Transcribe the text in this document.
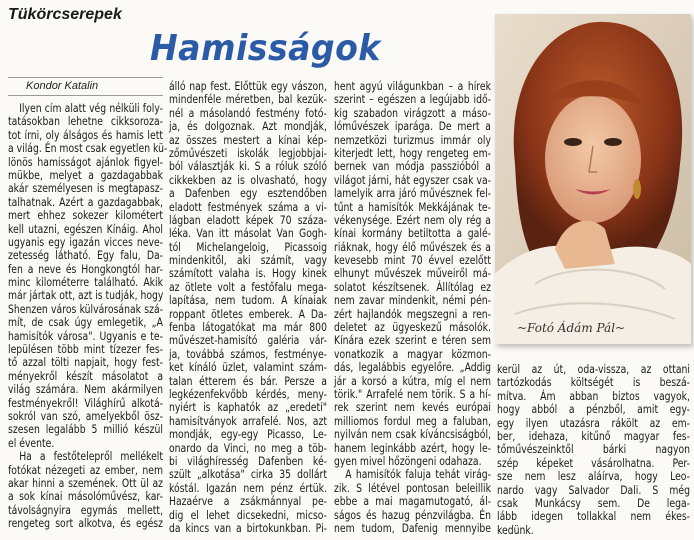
Tükörcserepek
Hamisságok
Kondor Katalin
Ilyen cím alatt vég nélküli foly-
tatásokban lehetne cikksoroza-
tot írni, oly álságos és hamis lett
a világ. Én most csak egyetlen kü-
lönös hamisságot ajánlok figyel-
mükbe, melyet a gazdagabbak
akár személyesen is megtapasz-
talhatnak. Azért a gazdagabbak,
mert ehhez sokezer kilométert
kell utazni, egészen Kínáig. Ahol
ugyanis egy igazán vicces neve-
zetesség látható. Egy falu, Da-
fen a neve és Hongkongtól har-
minc kilométerre található. Akik
már jártak ott, azt is tudják, hogy
Shenzen város külvárosának szá-
mít, de csak úgy emlegetik, „A
hamisítók városa". Ugyanis e te-
lepülésen több mint tízezer fes-
tő azzal tölti napjait, hogy fest-
ményekről készít másolatot a
világ számára. Nem akármilyen
festményekről! Világhírű alkotá-
sokról van szó, amelyekből ösz-
szesen legalább 5 millió készül
el évente.
Ha a festőtelepről mellékelt
fotókat nézegeti az ember, nem
akar hinni a szemének. Ott ül az
a sok kínai másolóművész, kar-
távolságnyira egymás mellett,
rengeteg sort alkotva, és egész
álló nap fest. Előttük egy vászon,
mindenféle méretben, bal kezük-
nél a másolandó festmény fotó-
ja, és dolgoznak. Azt mondják,
az összes mestert a kínai kép-
zőművészeti iskolák legjobbjai-
ból választják ki. S a róluk szóló
cikkekben az is olvasható, hogy
a Dafenben egy esztendőben
eladott festmények száma a vi-
lágban eladott képek 70 száza-
léka. Van itt másolat Van Gogh-
tól Michelangeloig, Picassoig
mindenkitől, aki számít, vagy
számított valaha is. Hogy kinek
az ötlete volt a festőfalu mega-
lapítása, nem tudom. A kínaiak
roppant ötletes emberek. A Da-
fenba látogatókat ma már 800
művészet-hamisító galéria vár-
ja, továbbá számos, festménye-
ket kínáló üzlet, valamint szám-
talan étterem és bár. Persze a
legkézenfekvőbb kérdés, meny-
nyiért is kaphatók az „eredeti"
hamisítványok arrafelé. Nos, azt
mondják, egy-egy Picasso, Le-
onardo da Vinci, no meg a töb-
bi világhíresség Dafenben ké-
szült „alkotása" cirka 35 dollárt
kóstál. Igazán nem pénz értük.
Hazaérve a zsákmánnyal pe-
dig el lehet dicsekedni, micso-
da kincs van a birtokunkban. Pi-
hent agyú világunkban – a hírek
szerint – egészen a legújabb idő-
kig szabadon virágzott a máso-
lóművészek iparága. De mert a
nemzetközi turizmus immár oly
kiterjedt lett, hogy rengeteg em-
bernek van módja passzióból a
világot járni, hát egyszer csak va-
lamelyik arra járó művésznek fel-
tűnt a hamisítók Mekkájának te-
vékenysége. Ezért nem oly rég a
kínai kormány betiltotta a galé-
riáknak, hogy élő művészek és a
kevesebb mint 70 évvel ezelőtt
elhunyt művészek műveiről má-
solatot készítsenek. Állítólag ez
nem zavar mindenkit, némi pén-
zért hajlandók megszegni a ren-
deletet az ügyeskezű másolók.
Kínára ezek szerint e téren sem
vonatkozik a magyar közmon-
dás, legalábbis egyelőre. „Addig
jár a korsó a kútra, míg el nem
törik." Arrafelé nem törik. S a hí-
rek szerint nem kevés európai
milliomos fordul meg a faluban,
nyilván nem csak kíváncsiságból,
hanem leginkább azért, hogy le-
gyen mivel hőzöngeni odahaza.
A hamisítók faluja tehát virág-
zik. S létével pontosan beleillik
ebbe a mai magamutogató, ál-
ságos és hazug pénzvilágba. Én
nem tudom, Dafenig mennyibe
kerül az út, oda-vissza, az ottani
tartózkodás költségét is beszá-
mítva. Ám abban biztos vagyok,
hogy abból a pénzből, amit egy-
egy ilyen utazásra rákölt az em-
ber, idehaza, kitűnő magyar fes-
tőművészeinktől bárki nagyon
szép képeket vásárolhatna. Per-
sze nem lesz aláírva, hogy Leo-
nardo vagy Salvador Dali. S még
csak Munkácsy sem. De lega-
lább idegen tollakkal nem ékes-
kedünk.
~Fotó Ádám Pál~
